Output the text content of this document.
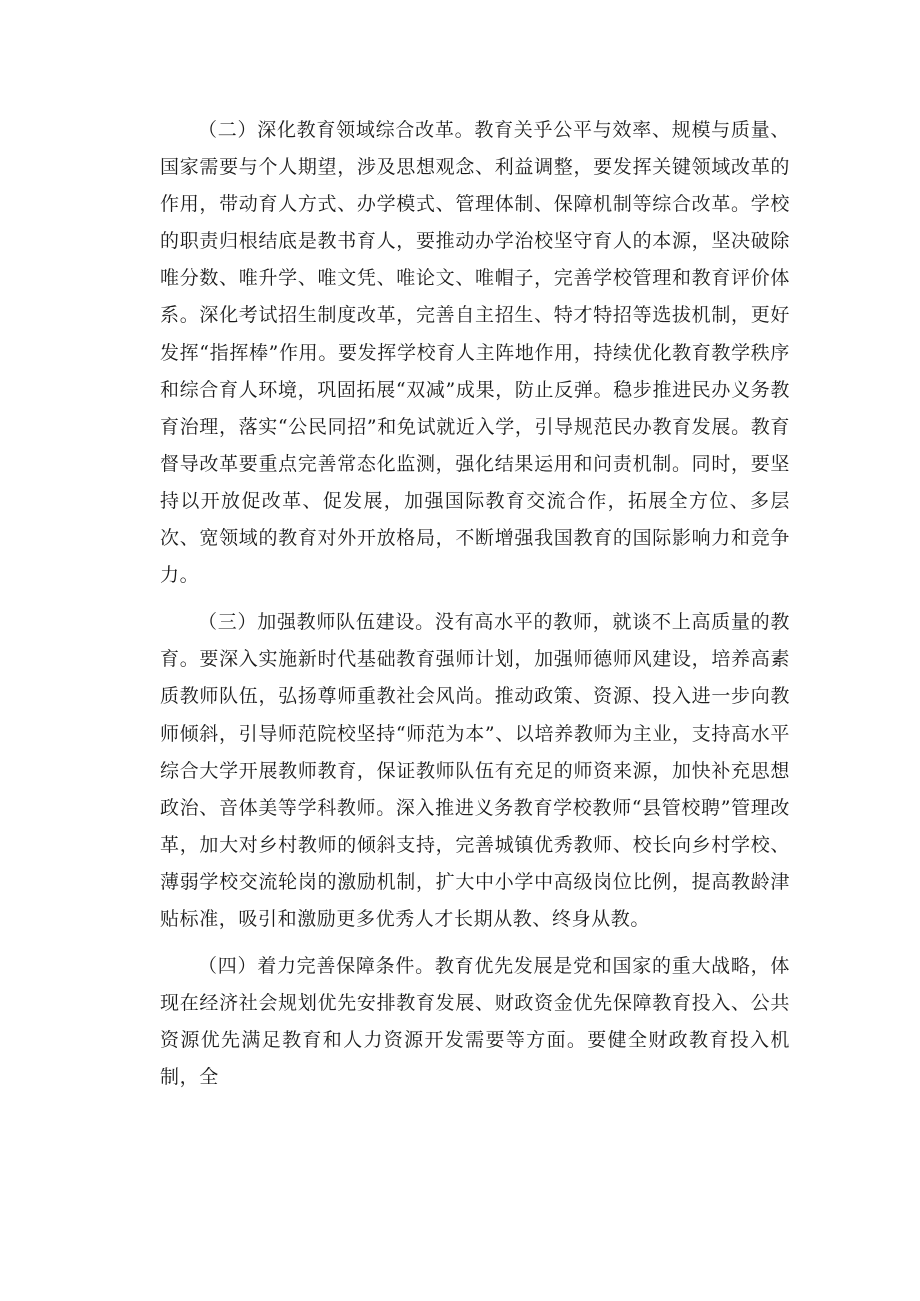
（二）深化教育领域综合改革。教育关乎公平与效率、规模与质量、国家需要与个人期望，涉及思想观念、利益调整，要发挥关键领域改革的作用，带动育人方式、办学模式、管理体制、保障机制等综合改革。学校的职责归根结底是教书育人，要推动办学治校坚守育人的本源，坚决破除唯分数、唯升学、唯文凭、唯论文、唯帽子，完善学校管理和教育评价体系。深化考试招生制度改革，完善自主招生、特才特招等选拔机制，更好发挥“指挥棒”作用。要发挥学校育人主阵地作用，持续优化教育教学秩序和综合育人环境，巩固拓展“双减”成果，防止反弹。稳步推进民办义务教育治理，落实“公民同招”和免试就近入学，引导规范民办教育发展。教育督导改革要重点完善常态化监测，强化结果运用和问责机制。同时，要坚持以开放促改革、促发展，加强国际教育交流合作，拓展全方位、多层次、宽领域的教育对外开放格局，不断增强我国教育的国际影响力和竞争力。

（三）加强教师队伍建设。没有高水平的教师，就谈不上高质量的教育。要深入实施新时代基础教育强师计划，加强师德师风建设，培养高素质教师队伍，弘扬尊师重教社会风尚。推动政策、资源、投入进一步向教师倾斜，引导师范院校坚持“师范为本”、以培养教师为主业，支持高水平综合大学开展教师教育，保证教师队伍有充足的师资来源，加快补充思想政治、音体美等学科教师。深入推进义务教育学校教师“县管校聘”管理改革，加大对乡村教师的倾斜支持，完善城镇优秀教师、校长向乡村学校、薄弱学校交流轮岗的激励机制，扩大中小学中高级岗位比例，提高教龄津贴标准，吸引和激励更多优秀人才长期从教、终身从教。

（四）着力完善保障条件。教育优先发展是党和国家的重大战略，体现在经济社会规划优先安排教育发展、财政资金优先保障教育投入、公共资源优先满足教育和人力资源开发需要等方面。要健全财政教育投入机制，全
